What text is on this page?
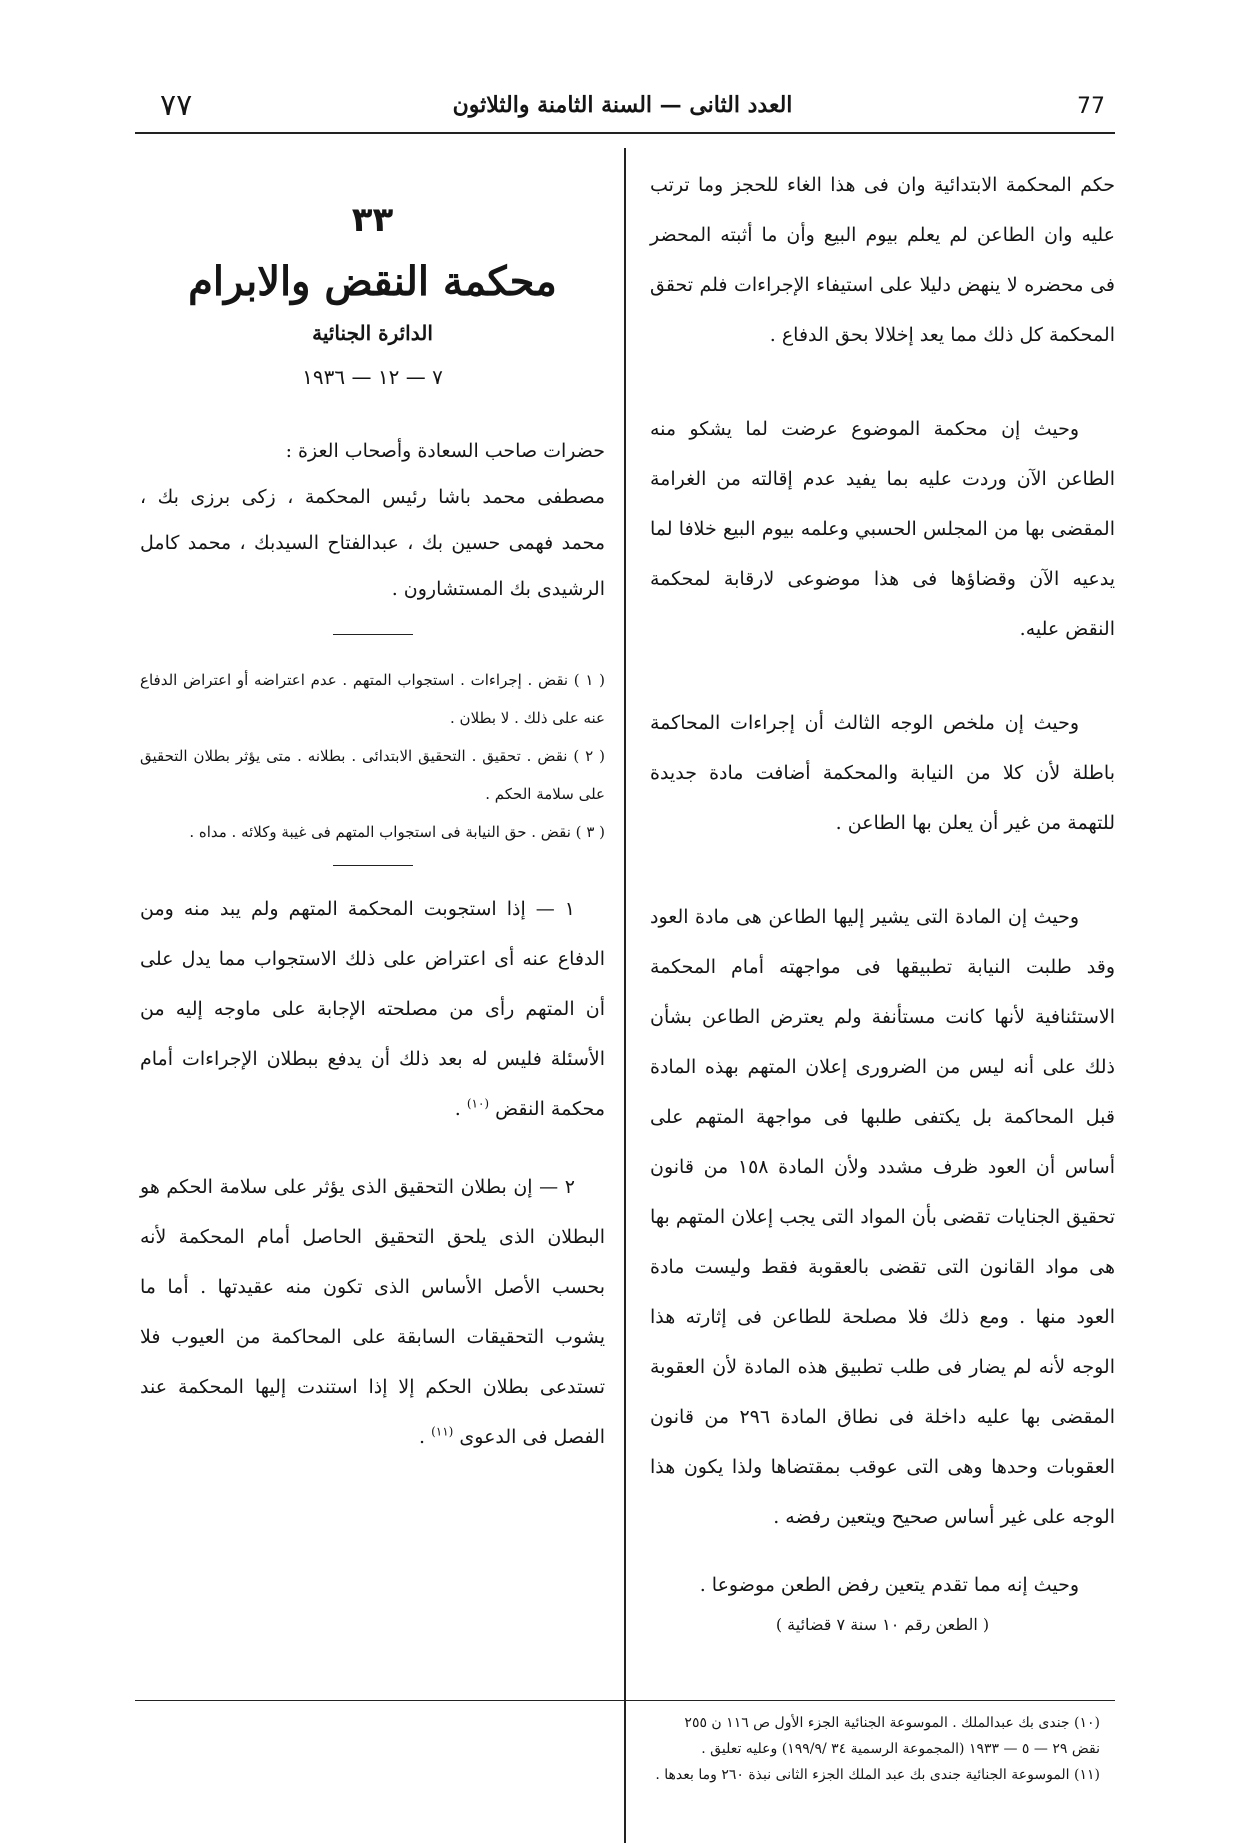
٧٧	العدد الثانى — السنة الثامنة والثلاثون	77

حكم المحكمة الابتدائية وان فى هذا الغاء للحجز وما ترتب عليه وان الطاعن لم يعلم بيوم البيع وأن ما أثبته المحضر فى محضره لا ينهض دليلا على استيفاء الإجراءات فلم تحقق المحكمة كل ذلك مما يعد إخلالا بحق الدفاع .

وحيث إن محكمة الموضوع عرضت لما يشكو منه الطاعن الآن وردت عليه بما يفيد عدم إقالته من الغرامة المقضى بها من المجلس الحسبي وعلمه بيوم البيع خلافا لما يدعيه الآن وقضاؤها فى هذا موضوعى لارقابة لمحكمة النقض عليه.

وحيث إن ملخص الوجه الثالث أن إجراءات المحاكمة باطلة لأن كلا من النيابة والمحكمة أضافت مادة جديدة للتهمة من غير أن يعلن بها الطاعن .

وحيث إن المادة التى يشير إليها الطاعن هى مادة العود وقد طلبت النيابة تطبيقها فى مواجهته أمام المحكمة الاستئنافية لأنها كانت مستأنفة ولم يعترض الطاعن بشأن ذلك على أنه ليس من الضرورى إعلان المتهم بهذه المادة قبل المحاكمة بل يكتفى طلبها فى مواجهة المتهم على أساس أن العود ظرف مشدد ولأن المادة ١٥٨ من قانون تحقيق الجنايات تقضى بأن المواد التى يجب إعلان المتهم بها هى مواد القانون التى تقضى بالعقوبة فقط وليست مادة العود منها . ومع ذلك فلا مصلحة للطاعن فى إثارته هذا الوجه لأنه لم يضار فى طلب تطبيق هذه المادة لأن العقوبة المقضى بها عليه داخلة فى نطاق المادة ٢٩٦ من قانون العقوبات وحدها وهى التى عوقب بمقتضاها ولذا يكون هذا الوجه على غير أساس صحيح ويتعين رفضه .

وحيث إنه مما تقدم يتعين رفض الطعن موضوعا .

( الطعن رقم ١٠ سنة ٧ قضائية )

٣٣
محكمة النقض والابرام
الدائرة الجنائية
٧ — ١٢ — ١٩٣٦

حضرات صاحب السعادة وأصحاب العزة :

مصطفى محمد باشا رئيس المحكمة ، زكى برزى بك ، محمد فهمى حسين بك ، عبدالفتاح السيدبك ، محمد كامل الرشيدى بك المستشارون .

( ١ ) نقض . إجراءات . استجواب المتهم . عدم اعتراضه أو اعتراض الدفاع عنه على ذلك . لا بطلان .

( ٢ ) نقض . تحقيق . التحقيق الابتدائى . بطلانه . متى يؤثر بطلان التحقيق على سلامة الحكم .

( ٣ ) نقض . حق النيابة فى استجواب المتهم فى غيبة وكلائه . مداه .

١ — إذا استجوبت المحكمة المتهم ولم يبد منه ومن الدفاع عنه أى اعتراض على ذلك الاستجواب مما يدل على أن المتهم رأى من مصلحته الإجابة على ماوجه إليه من الأسئلة فليس له بعد ذلك أن يدفع ببطلان الإجراءات أمام محكمة النقض $^{(١٠)}$ .

٢ — إن بطلان التحقيق الذى يؤثر على سلامة الحكم هو البطلان الذى يلحق التحقيق الحاصل أمام المحكمة لأنه بحسب الأصل الأساس الذى تكون منه عقيدتها . أما ما يشوب التحقيقات السابقة على المحاكمة من العيوب فلا تستدعى بطلان الحكم إلا إذا استندت إليها المحكمة عند الفصل فى الدعوى $^{(١١)}$ .

(١٠) جندى بك عبدالملك . الموسوعة الجنائية الجزء الأول ص ١١٦ ن ٢٥٥
نقض ٢٩ — ٥ — ١٩٣٣ (المجموعة الرسمية ٣٤ /١٩٩/٩) وعليه تعليق .
(١١) الموسوعة الجنائية جندى بك عبد الملك الجزء الثانى نبذة ٢٦٠ وما بعدها .
